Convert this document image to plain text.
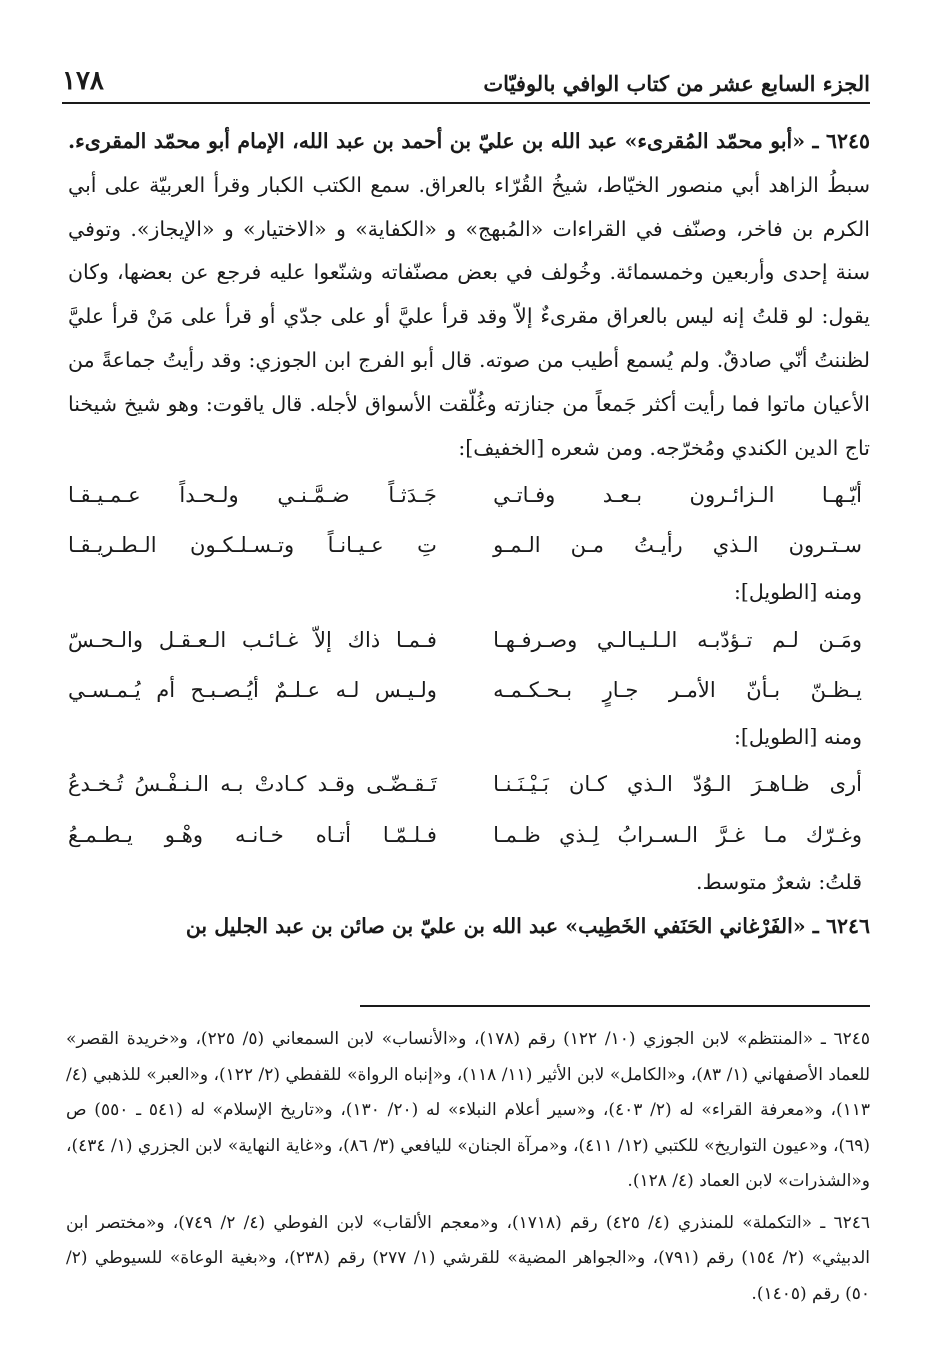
الجزء السابع عشر من كتاب الوافي بالوفيّات
١٧٨

٦٢٤٥ ـ «أبو محمّد المُقرىء» عبد الله بن عليّ بن أحمد بن عبد الله، الإمام أبو محمّد المقرىء. سبطُ الزاهد أبي منصور الخيّاط، شيخُ القُرّاء بالعراق. سمع الكتب الكبار وقرأ العربيّة على أبي الكرم بن فاخر، وصنّف في القراءات «المُبهج» و «الكفاية» و «الاختيار» و «الإيجاز». وتوفي سنة إحدى وأربعين وخمسمائة. وخُولف في بعض مصنّفاته وشنّعوا عليه فرجع عن بعضها، وكان يقول: لو قلتُ إنه ليس بالعراق مقرىءٌ إلاّ وقد قرأ عليَّ أو على جدّي أو قرأ على مَنْ قرأ عليَّ لظننتُ أنّي صادقٌ. ولم يُسمع أطيب من صوته. قال أبو الفرج ابن الجوزي: وقد رأيتُ جماعةً من الأعيان ماتوا فما رأيت أكثر جَمعاً من جنازته وغُلّقت الأسواق لأجله. قال ياقوت: وهو شيخ شيخنا تاج الدين الكندي ومُخرّجه. ومن شعره [الخفيف]:

أيّـهـا الـزائـرون بـعـد وفـاتـي
جَـدَثـاً ضـمَّـنـي ولـحـداً عـمـيـقـا
سـتـرون الـذي رأيـتُ مـن الـمـو
تِ عـيـانـاً وتـسـلـكـون الـطـريـقـا
ومنه [الطويل]:
ومَـن لـم تـؤدّبـه الـلـيـالـي وصـرفـهـا
فـمـا ذاك إلاّ غـائـب الـعـقـل والـحـسّ
يـظـنّ بـأنّ الأمـر جـارٍ بـحـكـمـه
ولـيـس لـه عـلـمٌ أيُـصـبـح أم يُـمـسـي
ومنه [الطويل]:
أرى ظـاهـرَ الـوُدّ الـذي كـان بَـيْـنَـنـا
تَـقـضّـى وقـد كـادتْ بـه الـنـفْـسُ تُـخـدعُ
وغـرّك مـا غـرَّ الـسـرابُ لِـذي ظـمـا
فـلـمّـا أتـاه خـانـه وهْـو يـطـمـعُ
قلتُ: شعرٌ متوسط.

٦٢٤٦ ـ «الفَرْغاني الحَنَفي الخَطِيب» عبد الله بن عليّ بن صائن بن عبد الجليل بن

٦٢٤٥ ـ «المنتظم» لابن الجوزي (١٠/ ١٢٢) رقم (١٧٨)، و«الأنساب» لابن السمعاني (٥/ ٢٢٥)، و«خريدة القصر» للعماد الأصفهاني (١/ ٨٣)، و«الكامل» لابن الأثير (١١/ ١١٨)، و«إنباه الرواة» للقفطي (٢/ ١٢٢)، و«العبر» للذهبي (٤/ ١١٣)، و«معرفة القراء» له (٢/ ٤٠٣)، و«سير أعلام النبلاء» له (٢٠/ ١٣٠)، و«تاريخ الإسلام» له (٥٤١ ـ ٥٥٠) ص (٦٩)، و«عيون التواريخ» للكتبي (١٢/ ٤١١)، و«مرآة الجنان» لليافعي (٣/ ٨٦)، و«غاية النهاية» لابن الجزري (١/ ٤٣٤)، و«الشذرات» لابن العماد (٤/ ١٢٨).

٦٢٤٦ ـ «التكملة» للمنذري (٤/ ٤٢٥) رقم (١٧١٨)، و«معجم الألقاب» لابن الفوطي (٤/ ٢/ ٧٤٩)، و«مختصر ابن الدبيثي» (٢/ ١٥٤) رقم (٧٩١)، و«الجواهر المضية» للقرشي (١/ ٢٧٧) رقم (٢٣٨)، و«بغية الوعاة» للسيوطي (٢/ ٥٠) رقم (١٤٠٥).
